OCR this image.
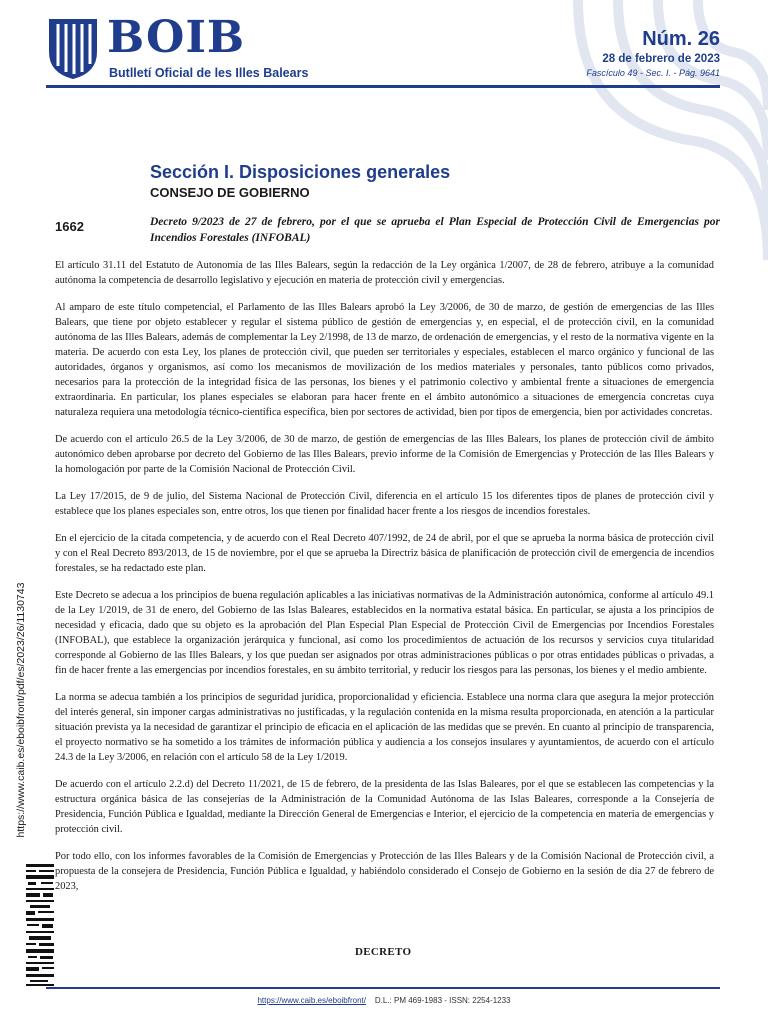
BOIB
Butlletí Oficial de les Illes Balears
Núm. 26
28 de febrero de 2023
Fascículo 49 - Sec. I. - Pág. 9641
Sección I. Disposiciones generales
CONSEJO DE GOBIERNO
1662	Decreto 9/2023 de 27 de febrero, por el que se aprueba el Plan Especial de Protección Civil de Emergencias por Incendios Forestales (INFOBAL)

El artículo 31.11 del Estatuto de Autonomía de las Illes Balears, según la redacción de la Ley orgánica 1/2007, de 28 de febrero, atribuye a la comunidad autónoma la competencia de desarrollo legislativo y ejecución en materia de protección civil y emergencias.

Al amparo de este título competencial, el Parlamento de las Illes Balears aprobó la Ley 3/2006, de 30 de marzo, de gestión de emergencias de las Illes Balears, que tiene por objeto establecer y regular el sistema público de gestión de emergencias y, en especial, el de protección civil, en la comunidad autónoma de las Illes Balears, además de complementar la Ley 2/1998, de 13 de marzo, de ordenación de emergencias, y el resto de la normativa vigente en la materia. De acuerdo con esta Ley, los planes de protección civil, que pueden ser territoriales y especiales, establecen el marco orgánico y funcional de las autoridades, órganos y organismos, así como los mecanismos de movilización de los medios materiales y personales, tanto públicos como privados, necesarios para la protección de la integridad física de las personas, los bienes y el patrimonio colectivo y ambiental frente a situaciones de emergencia extraordinaria. En particular, los planes especiales se elaboran para hacer frente en el ámbito autonómico a situaciones de emergencia concretas cuya naturaleza requiera una metodología técnico-científica específica, bien por sectores de actividad, bien por tipos de emergencia, bien por actividades concretas.

De acuerdo con el artículo 26.5 de la Ley 3/2006, de 30 de marzo, de gestión de emergencias de las Illes Balears, los planes de protección civil de ámbito autonómico deben aprobarse por decreto del Gobierno de las Illes Balears, previo informe de la Comisión de Emergencias y Protección de las Illes Balears y la homologación por parte de la Comisión Nacional de Protección Civil.

La Ley 17/2015, de 9 de julio, del Sistema Nacional de Protección Civil, diferencia en el artículo 15 los diferentes tipos de planes de protección civil y establece que los planes especiales son, entre otros, los que tienen por finalidad hacer frente a los riesgos de incendios forestales.

En el ejercicio de la citada competencia, y de acuerdo con el Real Decreto 407/1992, de 24 de abril, por el que se aprueba la norma básica de protección civil y con el Real Decreto 893/2013, de 15 de noviembre, por el que se aprueba la Directriz básica de planificación de protección civil de emergencia de incendios forestales, se ha redactado este plan.

Este Decreto se adecua a los principios de buena regulación aplicables a las iniciativas normativas de la Administración autonómica, conforme al artículo 49.1 de la Ley 1/2019, de 31 de enero, del Gobierno de las Islas Baleares, establecidos en la normativa estatal básica. En particular, se ajusta a los principios de necesidad y eficacia, dado que su objeto es la aprobación del Plan Especial Plan Especial de Protección Civil de Emergencias por Incendios Forestales (INFOBAL), que establece la organización jerárquica y funcional, así como los procedimientos de actuación de los recursos y servicios cuya titularidad corresponde al Gobierno de las Illes Balears, y los que puedan ser asignados por otras administraciones públicas o por otras entidades públicas o privadas, a fin de hacer frente a las emergencias por incendios forestales, en su ámbito territorial, y reducir los riesgos para las personas, los bienes y el medio ambiente.

La norma se adecua también a los principios de seguridad jurídica, proporcionalidad y eficiencia. Establece una norma clara que asegura la mejor protección del interés general, sin imponer cargas administrativas no justificadas, y la regulación contenida en la misma resulta proporcionada, en atención a la particular situación prevista ya la necesidad de garantizar el principio de eficacia en el aplicación de las medidas que se prevén. En cuanto al principio de transparencia, el proyecto normativo se ha sometido a los trámites de información pública y audiencia a los consejos insulares y ayuntamientos, de acuerdo con el artículo 24.3 de la Ley 3/2006, en relación con el artículo 58 de la Ley 1/2019.

De acuerdo con el artículo 2.2.d) del Decreto 11/2021, de 15 de febrero, de la presidenta de las Islas Baleares, por el que se establecen las competencias y la estructura orgánica básica de las consejerías de la Administración de la Comunidad Autónoma de las Islas Baleares, corresponde a la Consejería de Presidencia, Función Pública e Igualdad, mediante la Dirección General de Emergencias e Interior, el ejercicio de la competencia en materia de emergencias y protección civil.

Por todo ello, con los informes favorables de la Comisión de Emergencias y Protección de las Illes Balears y de la Comisión Nacional de Protección civil, a propuesta de la consejera de Presidencia, Función Pública e Igualdad, y habiéndolo considerado el Consejo de Gobierno en la sesión de día 27 de febrero de 2023,

DECRETO
https://www.caib.es/eboibfront/pdf/es/2023/26/1130743
https://www.caib.es/eboibfront/ D.L.: PM 469-1983 - ISSN: 2254-1233
